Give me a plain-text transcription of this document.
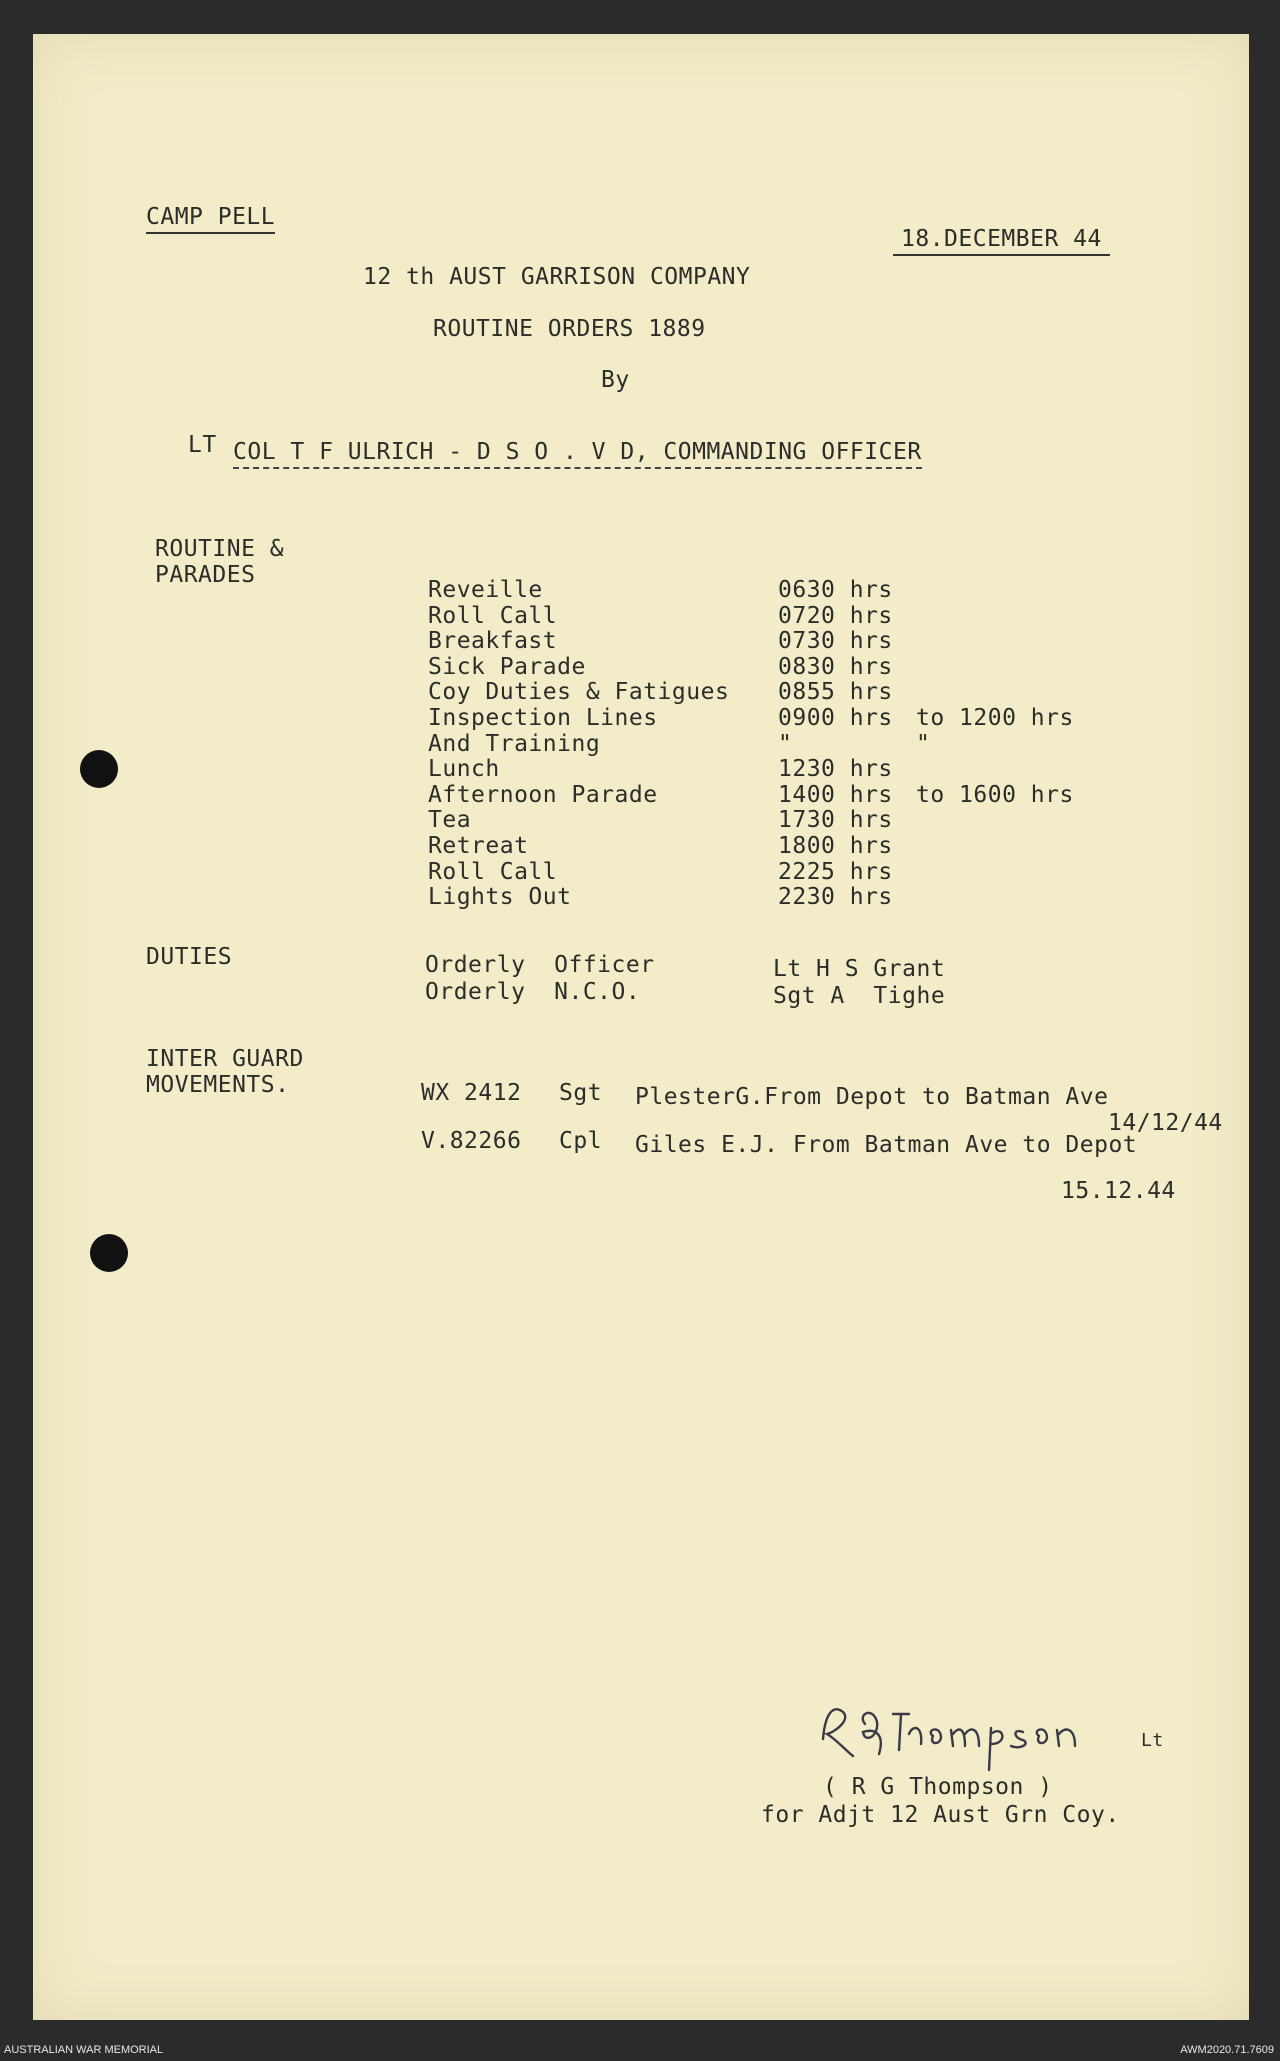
CAMP PELL
18.DECEMBER 44
12 th AUST GARRISON COMPANY
ROUTINE ORDERS 1889
By
LT COL T F ULRICH - D S O . V D, COMMANDING OFFICER
ROUTINE &
PARADES
Reveille	0630 hrs
Roll Call	0720 hrs
Breakfast	0730 hrs
Sick Parade	0830 hrs
Coy Duties & Fatigues 0855 hrs
Inspection Lines	0900 hrs to 1200 hrs
And Training	"	"
Lunch	1230 hrs
Afternoon Parade	1400 hrs to 1600 hrs
Tea	1730 hrs
Retreat	1800 hrs
Roll Call	2225 hrs
Lights Out	2230 hrs
DUTIES	Orderly  Officer	Lt H S Grant
Orderly  N.C.O.	Sgt A  Tighe
INTER GUARD
MOVEMENTS.	WX 2412 Sgt PlesterG.From Depot to Batman Ave
14/12/44
V.82266 Cpl Giles E.J. From Batman Ave to Depot
15.12.44
Lt
( R G Thompson )
for Adjt 12 Aust Grn Coy.
AUSTRALIAN WAR MEMORIAL	AWM2020.71.7609
